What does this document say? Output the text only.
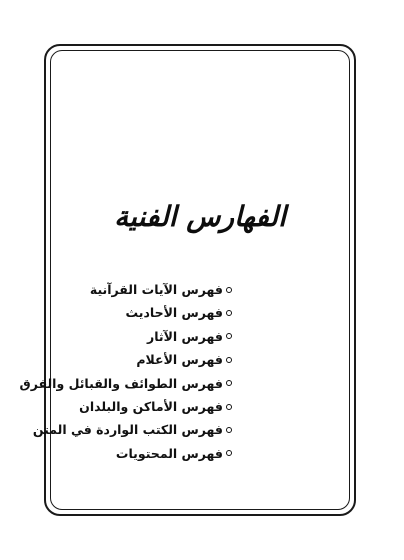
الفهارس الفنية
فهرس الآيات القرآنية
فهرس الأحاديث
فهرس الآثار
فهرس الأعلام
فهرس الطوائف والقبائل والفرق
فهرس الأماكن والبلدان
فهرس الكتب الواردة في المتن
فهرس المحتويات
